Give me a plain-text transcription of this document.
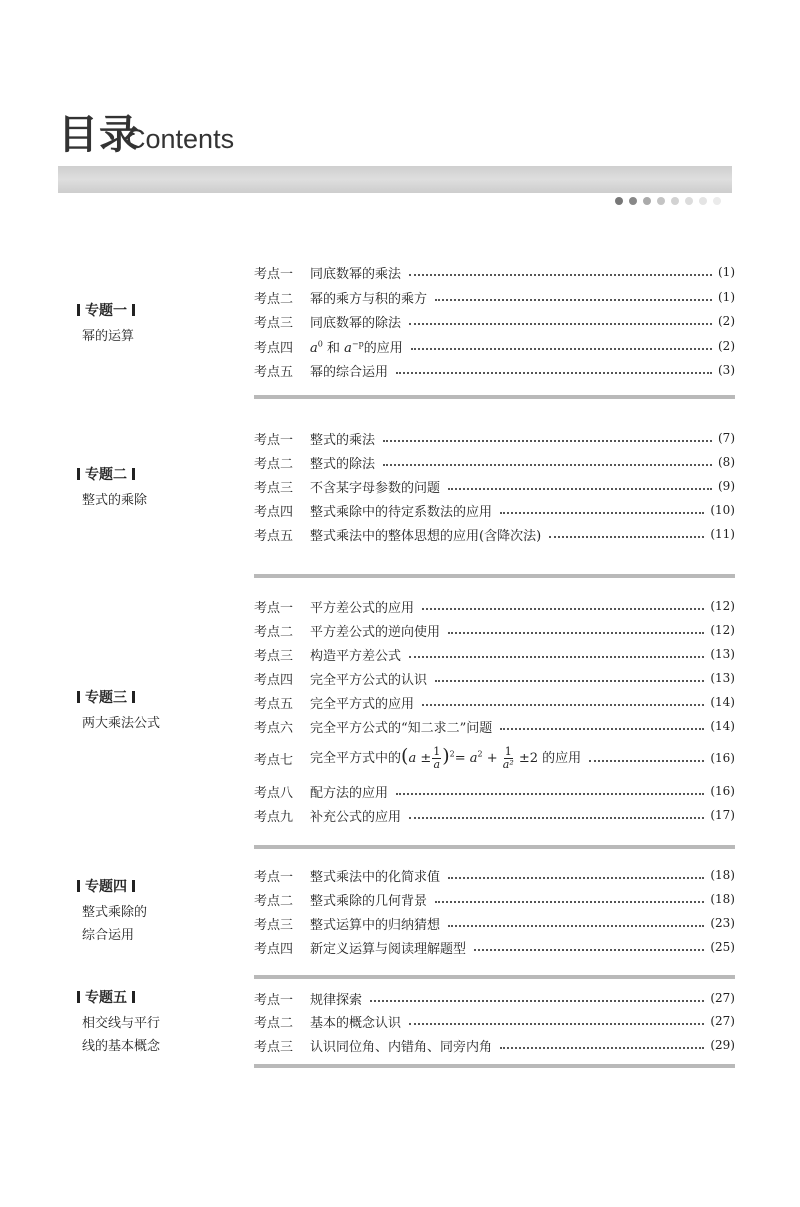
目录
Contents
专题一
幂的运算
考点一	同底数幂的乘法	(1)
考点二	幂的乘方与积的乘方	(1)
考点三	同底数幂的除法	(2)
考点四	$a^0$ 和 $a^{-p}$的应用	(2)
考点五	幂的综合运用	(3)
专题二
整式的乘除
考点一	整式的乘法	(7)
考点二	整式的除法	(8)
考点三	不含某字母参数的问题	(9)
考点四	整式乘除中的待定系数法的应用	(10)
考点五	整式乘法中的整体思想的应用(含降次法)	(11)
专题三
两大乘法公式
考点一	平方差公式的应用	(12)
考点二	平方差公式的逆向使用	(12)
考点三	构造平方差公式	(13)
考点四	完全平方公式的认识	(13)
考点五	完全平方式的应用	(14)
考点六	完全平方公式的“知二求二”问题	(14)
考点七	完全平方式中的$(a \pm \frac{1}{a} )^2= a^2 + \frac{1}{\text{a²}} \pm 2$ 的应用	(16)
考点八	配方法的应用	(16)
考点九	补充公式的应用	(17)
专题四
整式乘除的
综合运用
考点一	整式乘法中的化简求值	(18)
考点二	整式乘除的几何背景	(18)
考点三	整式运算中的归纳猜想	(23)
考点四	新定义运算与阅读理解题型	(25)
专题五
相交线与平行
线的基本概念
考点一	规律探索	(27)
考点二	基本的概念认识	(27)
考点三	认识同位角、内错角、同旁内角	(29)
